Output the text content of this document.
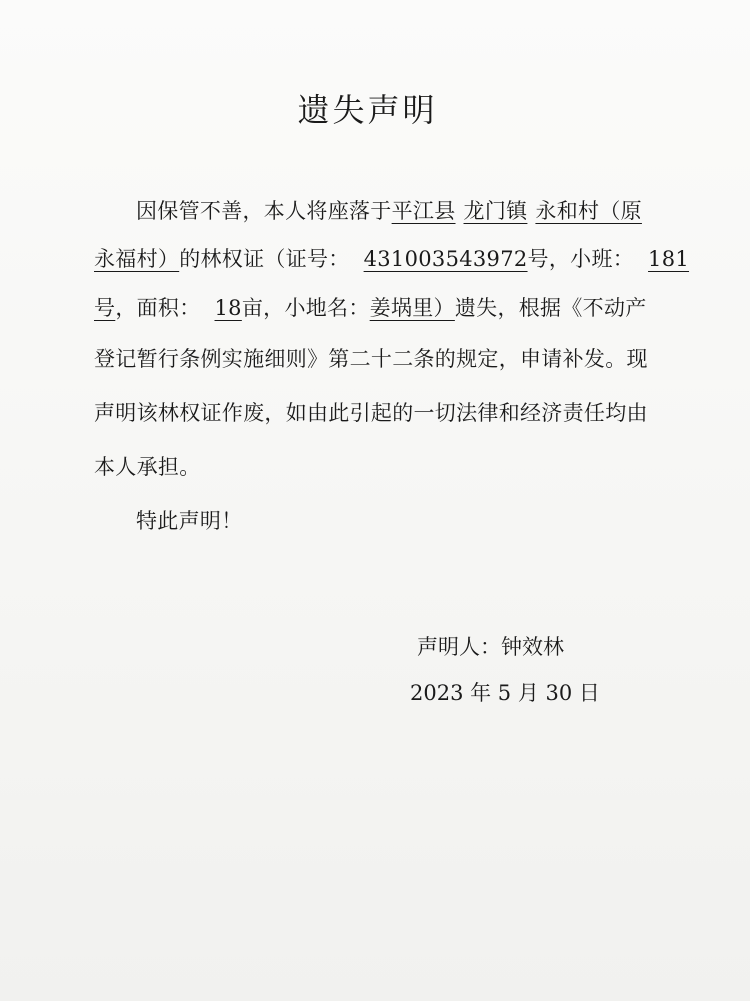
遗失声明
因保管不善，本人将座落于平江县 龙门镇 永和村（原
永福村）的林权证（证号： 431003543972号，小班： 181
号，面积： 18亩，小地名：姜埚里）遗失，根据《不动产
登记暂行条例实施细则》第二十二条的规定，申请补发。现
声明该林权证作废，如由此引起的一切法律和经济责任均由
本人承担。
特此声明！
声明人：钟效林
2023 年 5 月 30 日
